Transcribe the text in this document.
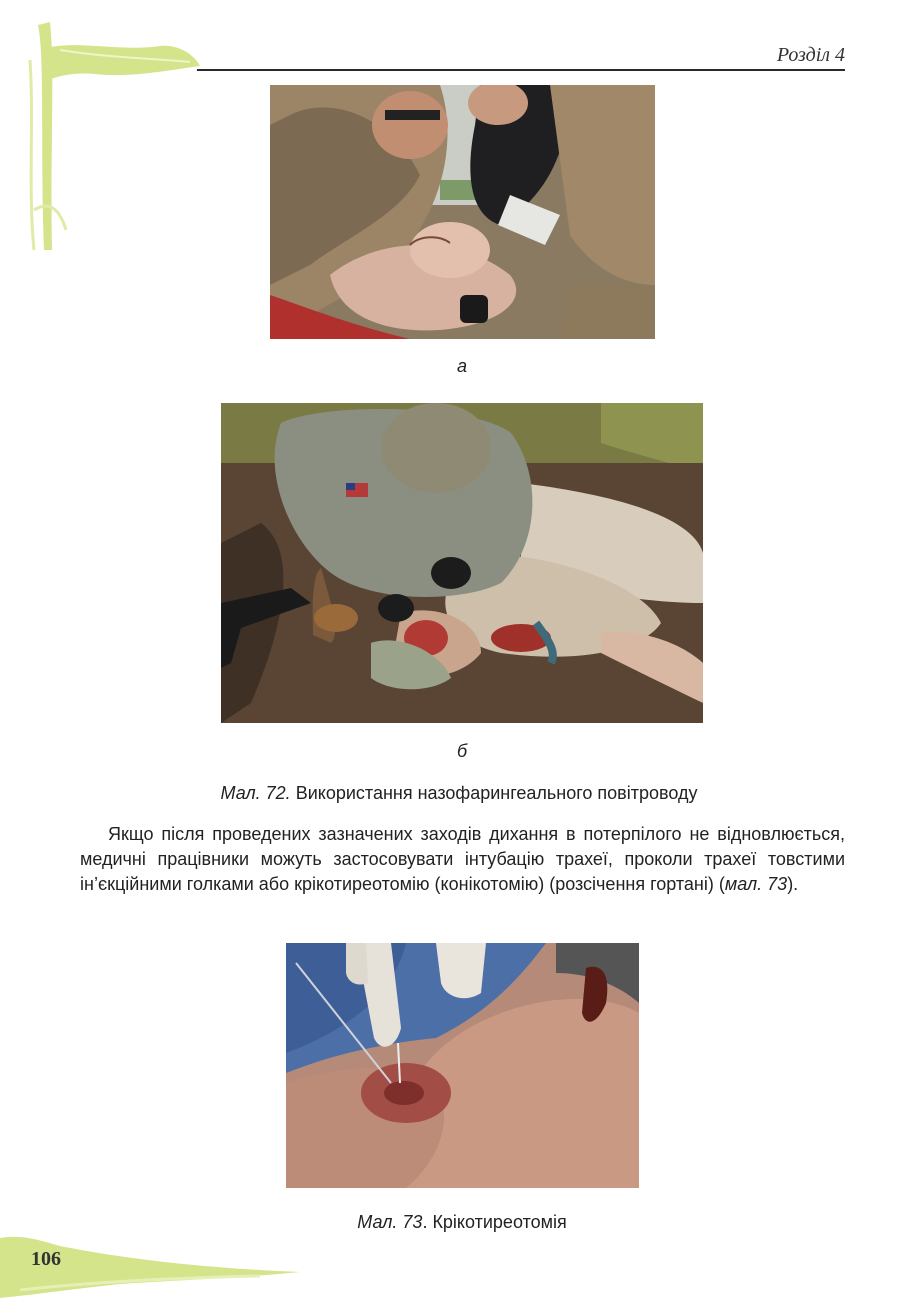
Розділ 4
а
б
Мал. 72. Використання назофарингеального повітроводу
Якщо після проведених зазначених заходів дихання в потерпілого не відновлюється, медичні працівники можуть застосовувати інтубацію трахеї, проколи трахеї товстими ін’єкційними голками або крікотиреотомію (конікотомію) (розсічення гортані) (мал. 73).
Мал. 73. Крікотиреотомія
106
